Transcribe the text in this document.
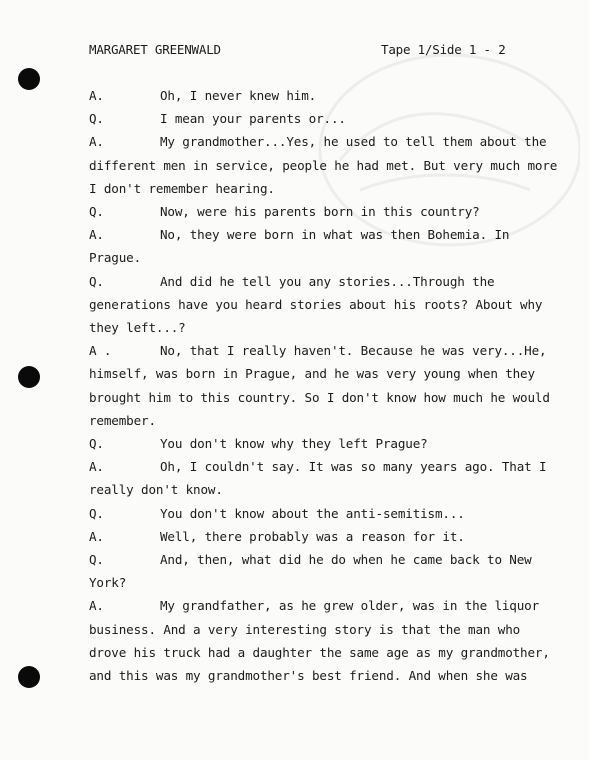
MARGARET GREENWALD	Tape 1/Side 1 - 2

A.	Oh, I never knew him.

Q.	I mean your parents or...

A.	My grandmother...Yes, he used to tell them about the different men in service, people he had met. But very much more I don't remember hearing.

Q.	Now, were his parents born in this country?

A.	No, they were born in what was then Bohemia. In Prague.

Q.	And did he tell you any stories...Through the generations have you heard stories about his roots? About why they left...?

A .	No, that I really haven't. Because he was very...He, himself, was born in Prague, and he was very young when they brought him to this country. So I don't know how much he would remember.

Q.	You don't know why they left Prague?

A.	Oh, I couldn't say. It was so many years ago. That I really don't know.

Q.	You don't know about the anti-semitism...

A.	Well, there probably was a reason for it.

Q.	And, then, what did he do when he came back to New York?

A.	My grandfather, as he grew older, was in the liquor business. And a very interesting story is that the man who drove his truck had a daughter the same age as my grandmother, and this was my grandmother's best friend. And when she was
